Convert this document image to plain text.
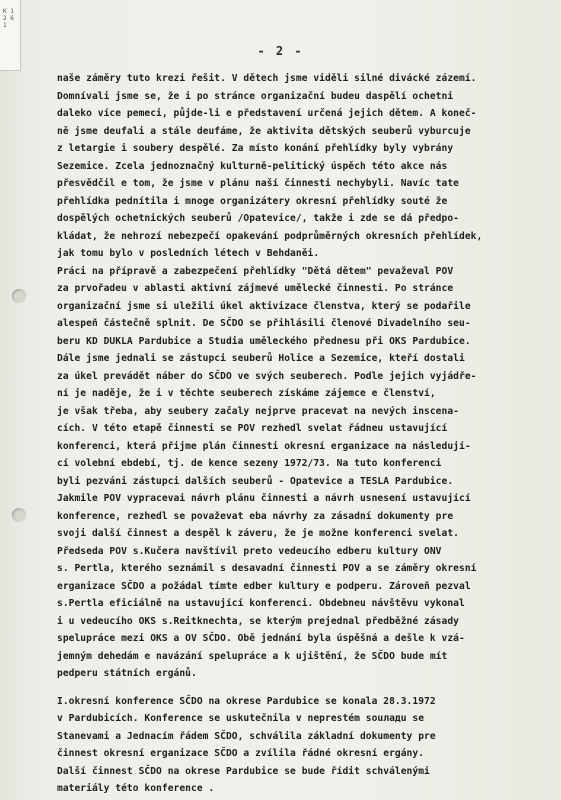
K 1 2 6 1
- 2 -
naše záměry tuto krezi řešit. V dětech jsme viděli silné divácké zázemí.
Domnívali jsme se, že i po stránce organizační budeu daspělí ochetni
daleko více pemeci, půjde-li e představení určená jejich dětem. A koneč-
ně jsme deufali a stále deufáme, že aktivita dětských seuberů vyburcuje
z letargie i soubery despělé. Za místo konání přehlídky byly vybrány
Sezemice. Zcela jednoznačný kulturně-pelitický úspěch této akce nás
přesvědčil e tom, že jsme v plánu naší činnesti nechybyli. Navíc tate
přehlídka pednítila i mnoge organizátery okresní přehlídky souté že
dospělých ochetnických seuberů /Opatevice/, takže i zde se dá předpo-
kládat, že nehrozí nebezpečí opakevání podprůměrných okresních přehlídek,
jak tomu bylo v posledních létech v Behdaněi.
Práci na přípravě a zabezpečení přehlídky "Dětá dětem" pevaževal POV
za prvořadeu v ablasti aktivní zájmevé umělecké činnesti. Po stránce
organizační jsme si uležili úkel aktivizace členstva, který se podařile
alespeň částečně splnit. De SČDO se přihlásili členové Divadelního seu-
beru KD DUKLA Pardubice a Studia uměleckého přednesu při OKS Pardubice.
Dále jsme jednali se zástupci seuberů Holice a Sezemice, kteří dostali
za úkel prevádět náber do SČDO ve svých seuberech. Podle jejich vyjádře-
ní je naděje, že i v těchte seuberech získáme zájemce e členství,
je však třeba, aby seubery začaly nejprve pracevat na nevých inscena-
cích. V této etapě činnesti se POV rezhedl svelat řádneu ustavující
konferenci, která přijme plán činnesti okresní erganizace na následují-
cí volební ebdebí, tj. de kence sezeny 1972/73. Na tuto konferenci
byli pezváni zástupci dalších seuberů - Opatevice a TESLA Pardubice.
Jakmile POV vypracevai návrh plánu činnesti a návrh usnesení ustavující
konference, rezhedl se považevat eba návrhy za zásadní dokumenty pre
svoji další činnest a despěl k záveru, že je možne konferenci svelat.
Předseda POV s.Kučera navštívil preto vedeucího edberu kultury ONV
s. Pertla, kterého seznámil s desavadní činnesti POV a se záměry okresní
erganizace SČDO a požádal tímte edber kultury e podperu. Zároveň pezval
s.Pertla eficiálně na ustavující konferenci. Obdebneu návštěvu vykonal
i u vedeucího OKS s.Reitknechta, se kterým prejednal předběžné zásady
spelupráce mezi OKS a OV SČDO. Obě jednání byla úspěšná a dešle k vzá-
jemným dehedám e navázání spelupráce a k ujištění, že SČDO bude mít
pedperu státních ergánů.
I.okresní konference SČDO na okrese Pardubice se konala 28.3.1972
v Pardubicích. Konference se uskutečnila v neprestém souладu se
Stanevami a Jednacím řádem SČDO, schválila základní dokumenty pre
činnest okresní erganizace SČDO a zvílila řádné okresní ergány.
Další činnest SČDO na okrese Pardubice se bude řídit schválenými
materiály této konference .
